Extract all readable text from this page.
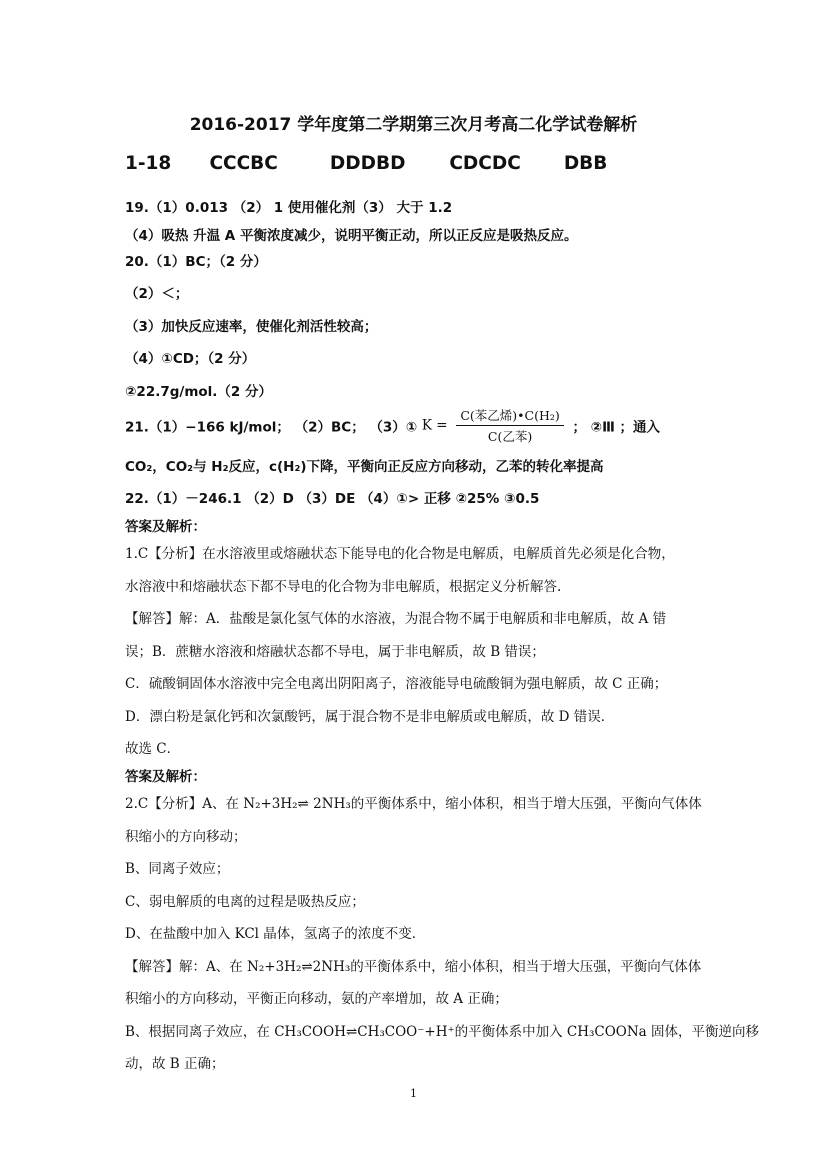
2016-2017 学年度第二学期第三次月考高二化学试卷解析
1-18 CCCBC	DDDBD CDCDC DBB
19.（1）0.013 （2） 1 使用催化剂（3） 大于 1.2
（4）吸热 升温 A 平衡浓度减少，说明平衡正动，所以正反应是吸热反应。
20.（1）BC；（2 分）
（2）＜；
（3）加快反应速率，使催化剂活性较高；
（4）①CD；（2 分）
②22.7g/mol.（2 分）
21.（1）−166 kJ/mol； （2）BC； （3）① $K = \frac{\text{C(苯乙烯)•C(H₂)}}{\text{C(乙苯)}}$ ； ②Ⅲ ；通入
CO₂，CO₂与 H₂反应，c(H₂)下降，平衡向正反应方向移动，乙苯的转化率提高
22.（1）－246.1 （2）D （3）DE （4）①> 正移 ②25% ③0.5
答案及解析：
1.C【分析】在水溶液里或熔融状态下能导电的化合物是电解质，电解质首先必须是化合物，
水溶液中和熔融状态下都不导电的化合物为非电解质，根据定义分析解答.
【解答】解：A．盐酸是氯化氢气体的水溶液，为混合物不属于电解质和非电解质，故 A 错
误；B．蔗糖水溶液和熔融状态都不导电，属于非电解质，故 B 错误；
C．硫酸铜固体水溶液中完全电离出阴阳离子，溶液能导电硫酸铜为强电解质，故 C 正确；
D．漂白粉是氯化钙和次氯酸钙，属于混合物不是非电解质或电解质，故 D 错误．
故选 C．
答案及解析：
2.C【分析】A、在 N₂+3H₂⇌ 2NH₃的平衡体系中，缩小体积，相当于增大压强，平衡向气体体
积缩小的方向移动；
B、同离子效应；
C、弱电解质的电离的过程是吸热反应；
D、在盐酸中加入 KCl 晶体，氢离子的浓度不变．
【解答】解：A、在 N₂+3H₂⇌2NH₃的平衡体系中，缩小体积，相当于增大压强，平衡向气体体
积缩小的方向移动，平衡正向移动，氨的产率增加，故 A 正确；
B、根据同离子效应，在 CH₃COOH⇌CH₃COO⁻+H⁺的平衡体系中加入 CH₃COONa 固体，平衡逆向移
动，故 B 正确；
1
